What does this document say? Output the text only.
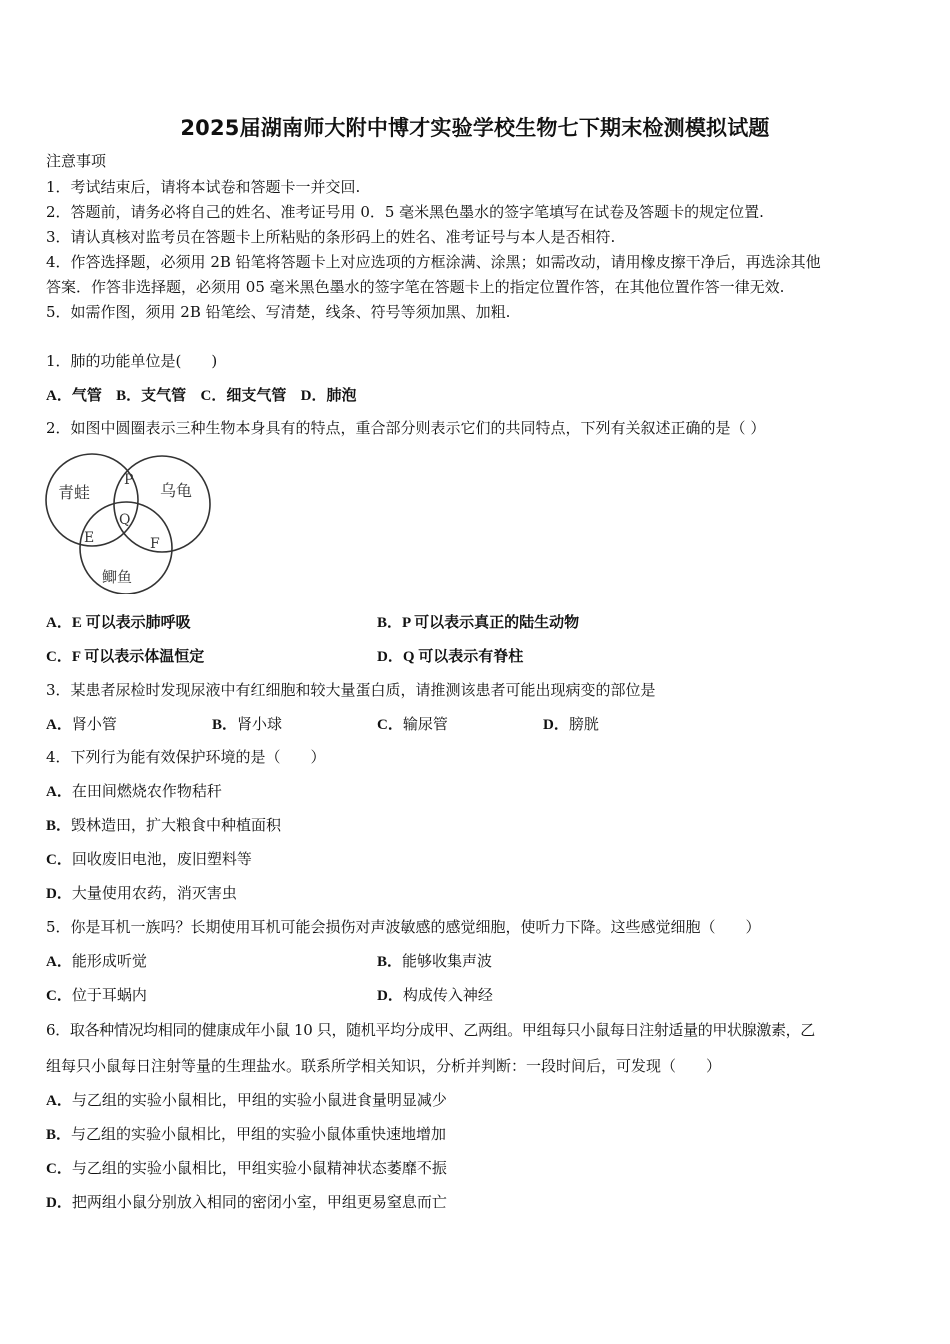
2025届湖南师大附中博才实验学校生物七下期末检测模拟试题
注意事项
1．考试结束后，请将本试卷和答题卡一并交回.
2．答题前，请务必将自己的姓名、准考证号用 0．5 毫米黑色墨水的签字笔填写在试卷及答题卡的规定位置.
3．请认真核对监考员在答题卡上所粘贴的条形码上的姓名、准考证号与本人是否相符.
4．作答选择题，必须用 2B 铅笔将答题卡上对应选项的方框涂满、涂黑；如需改动，请用橡皮擦干净后，再选涂其他
答案．作答非选择题，必须用 05 毫米黑色墨水的签字笔在答题卡上的指定位置作答，在其他位置作答一律无效.
5．如需作图，须用 2B 铅笔绘、写清楚，线条、符号等须加黑、加粗.
1．肺的功能单位是(　　)
A．气管 B．支气管 C．细支气管 D．肺泡
2．如图中圆圈表示三种生物本身具有的特点，重合部分则表示它们的共同特点，下列有关叙述正确的是（ ）
青蛙	乌龟
鲫鱼
P
Q
E	F
A．E 可以表示肺呼吸	B．P 可以表示真正的陆生动物
C．F 可以表示体温恒定	D．Q 可以表示有脊柱
3．某患者尿检时发现尿液中有红细胞和较大量蛋白质，请推测该患者可能出现病变的部位是
A．肾小管	B．肾小球	C．输尿管	D．膀胱
4．下列行为能有效保护环境的是（　　）
A．在田间燃烧农作物秸秆
B．毁林造田，扩大粮食中种植面积
C．回收废旧电池，废旧塑料等
D．大量使用农药，消灭害虫
5．你是耳机一族吗？长期使用耳机可能会损伤对声波敏感的感觉细胞，使听力下降。这些感觉细胞（　　）
A．能形成听觉	B．能够收集声波
C．位于耳蜗内	D．构成传入神经
6．取各种情况均相同的健康成年小鼠 10 只，随机平均分成甲、乙两组。甲组每只小鼠每日注射适量的甲状腺激素，乙
组每只小鼠每日注射等量的生理盐水。联系所学相关知识，分析并判断：一段时间后，可发现（　　）
A．与乙组的实验小鼠相比，甲组的实验小鼠进食量明显减少
B．与乙组的实验小鼠相比，甲组的实验小鼠体重快速地增加
C．与乙组的实验小鼠相比，甲组实验小鼠精神状态萎靡不振
D．把两组小鼠分别放入相同的密闭小室，甲组更易窒息而亡
